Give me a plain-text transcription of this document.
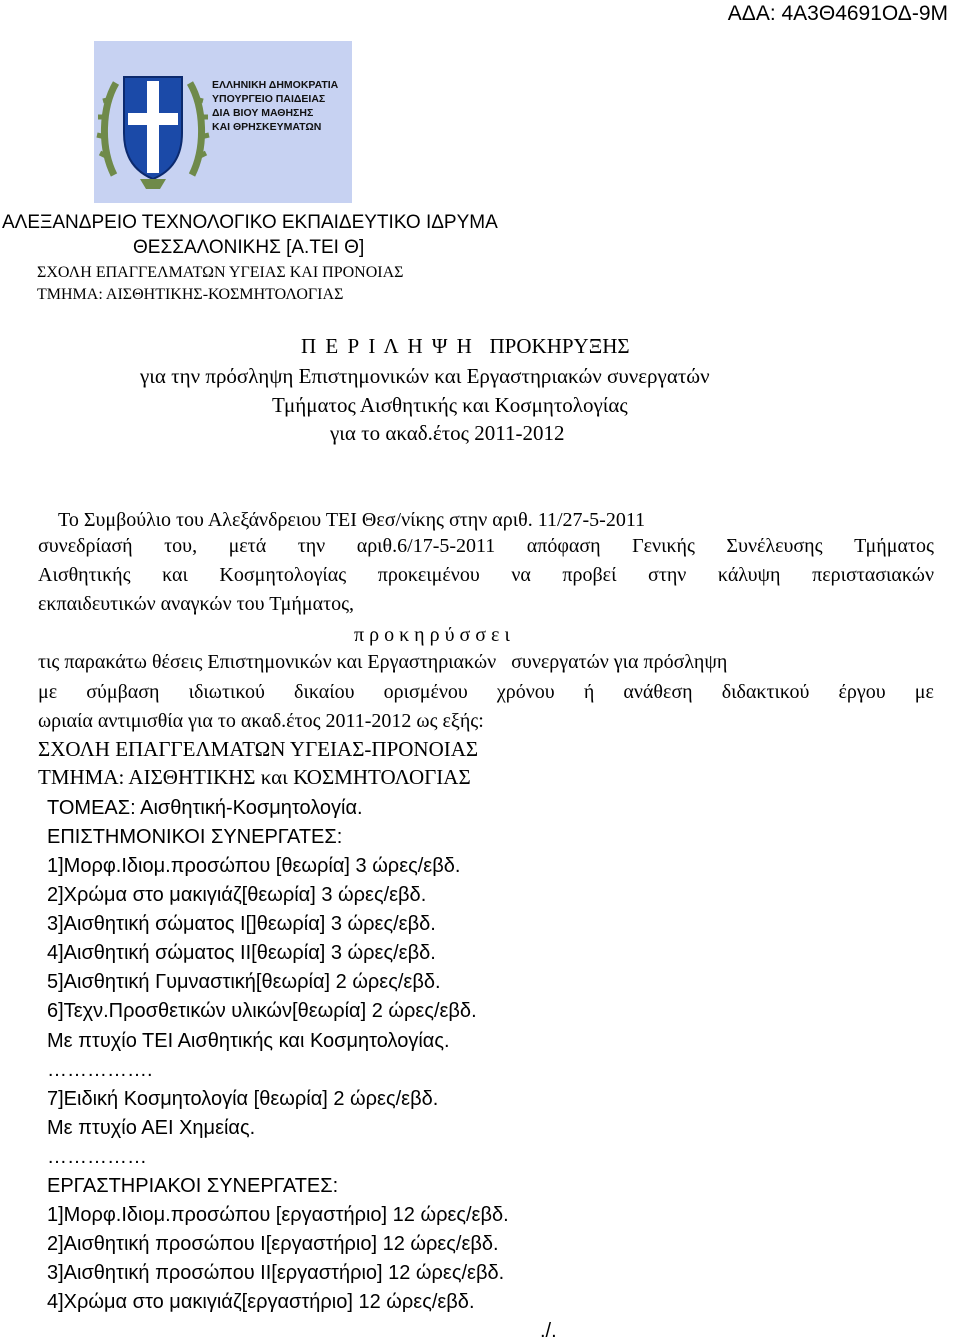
ΑΔΑ: 4Α3Θ4691ΟΔ-9Μ
ΕΛΛΗΝΙΚΗ ΔΗΜΟΚΡΑΤΙΑ
ΥΠΟΥΡΓΕΙΟ ΠΑΙΔΕΙΑΣ
ΔΙΑ ΒΙΟΥ ΜΑΘΗΣΗΣ
ΚΑΙ ΘΡΗΣΚΕΥΜΑΤΩΝ
ΑΛΕΞΑΝΔΡΕΙΟ ΤΕΧΝΟΛΟΓΙΚΟ ΕΚΠΑΙΔΕΥΤΙΚΟ ΙΔΡΥΜΑ
ΘΕΣΣΑΛΟΝΙΚΗΣ [Α.ΤΕΙ Θ]
ΣΧΟΛΗ ΕΠΑΓΓΕΛΜΑΤΩΝ ΥΓΕΙΑΣ ΚΑΙ ΠΡΟΝΟΙΑΣ
ΤΜΗΜΑ: ΑΙΣΘΗΤΙΚΗΣ-ΚΟΣΜΗΤΟΛΟΓΙΑΣ
Π Ε Ρ Ι Λ Η Ψ Η ΠΡΟΚΗΡΥΞΗΣ
για την πρόσληψη Επιστημονικών και Εργαστηριακών συνεργατών
Τμήματος Αισθητικής και Κοσμητολογίας
για το ακαδ.έτος 2011-2012
Το Συμβούλιο του Αλεξάνδρειου ΤΕΙ Θεσ/νίκης στην αριθ. 11/27-5-2011
συνεδρίασή του, μετά την αριθ.6/17-5-2011 απόφαση Γενικής Συνέλευσης Τμήματος
Αισθητικής και Κοσμητολογίας προκειμένου να προβεί στην κάλυψη περιστασιακών
εκπαιδευτικών αναγκών του Τμήματος,
προκηρύσσει
τις παρακάτω θέσεις Επιστημονικών και Εργαστηριακών   συνεργατών για πρόσληψη
με σύμβαση ιδιωτικού δικαίου ορισμένου χρόνου ή ανάθεση διδακτικού έργου με
ωριαία αντιμισθία για το ακαδ.έτος 2011-2012 ως εξής:
ΣΧΟΛΗ ΕΠΑΓΓΕΛΜΑΤΩΝ ΥΓΕΙΑΣ-ΠΡΟΝΟΙΑΣ
ΤΜΗΜΑ: ΑΙΣΘΗΤΙΚΗΣ και ΚΟΣΜΗΤΟΛΟΓΙΑΣ
ΤΟΜΕΑΣ: Αισθητική-Κοσμητολογία.
ΕΠΙΣΤΗΜΟΝΙΚΟΙ ΣΥΝΕΡΓΑΤΕΣ:
1]Μορφ.Ιδιομ.προσώπου [θεωρία] 3 ώρες/εβδ.
2]Χρώμα στο μακιγιάζ[θεωρία] 3 ώρες/εβδ.
3]Αισθητική σώματος Ι[]θεωρία] 3 ώρες/εβδ.
4]Αισθητική σώματος ΙΙ[θεωρία] 3 ώρες/εβδ.
5]Αισθητική Γυμναστική[θεωρία] 2 ώρες/εβδ.
6]Τεχν.Προσθετικών υλικών[θεωρία] 2 ώρες/εβδ.
Με πτυχίο ΤΕΙ Αισθητικής και Κοσμητολογίας.
…………….
7]Ειδική Κοσμητολογία [θεωρία] 2 ώρες/εβδ.
Με πτυχίο ΑΕΙ Χημείας.
……………
ΕΡΓΑΣΤΗΡΙΑΚΟΙ ΣΥΝΕΡΓΑΤΕΣ:
1]Μορφ.Ιδιομ.προσώπου [εργαστήριο] 12 ώρες/εβδ.
2]Αισθητική προσώπου Ι[εργαστήριο] 12 ώρες/εβδ.
3]Αισθητική προσώπου ΙΙ[εργαστήριο] 12 ώρες/εβδ.
4]Χρώμα στο μακιγιάζ[εργαστήριο] 12 ώρες/εβδ.
./.
